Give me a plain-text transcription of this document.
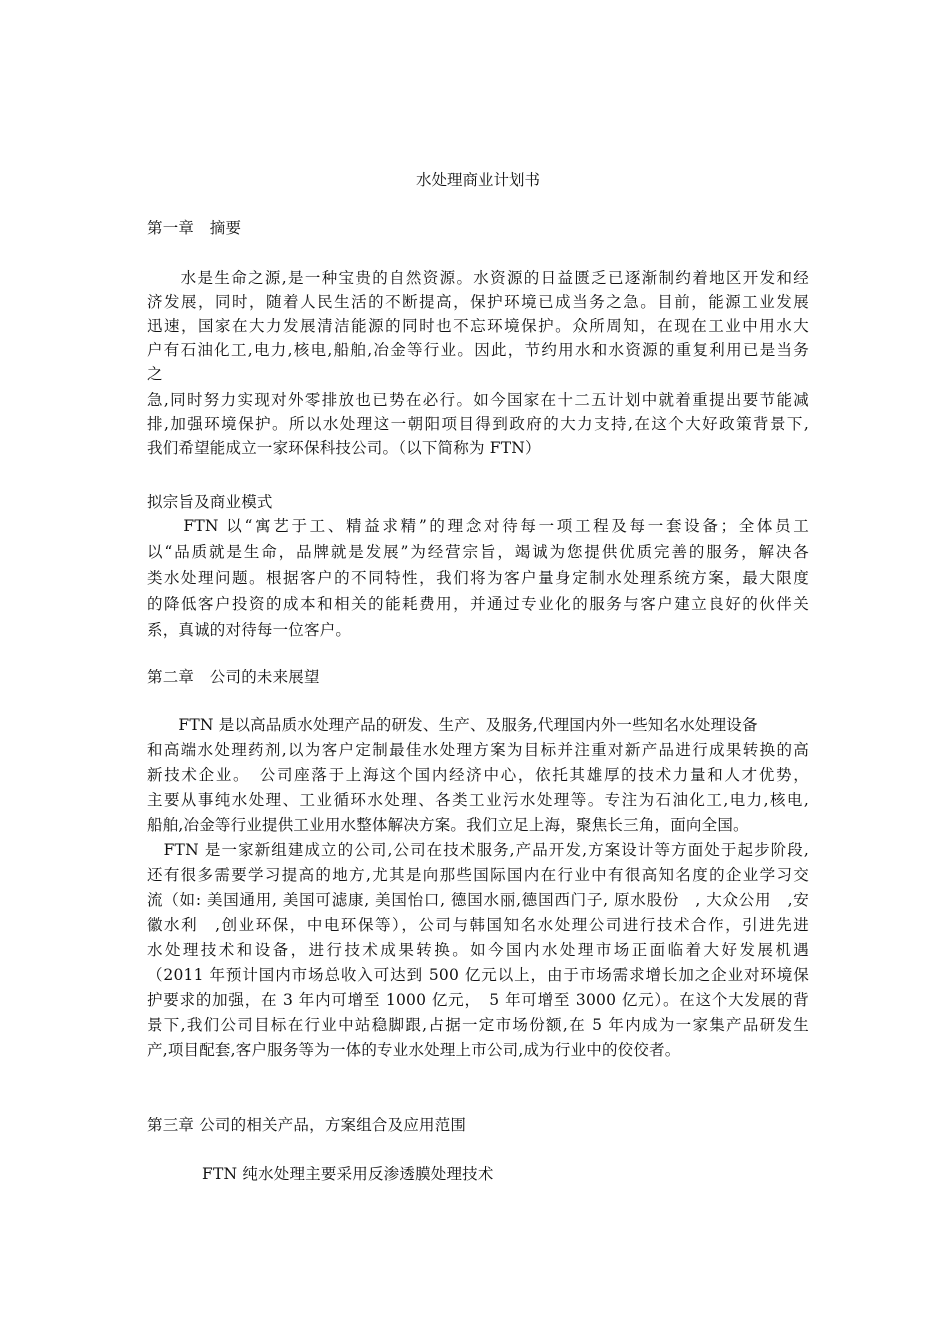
水处理商业计划书
第一章　摘要
　　水是生命之源,是一种宝贵的自然资源。水资源的日益匮乏已逐渐制约着地区开发和经
济发展，同时，随着人民生活的不断提高，保护环境已成当务之急。目前，能源工业发展
迅速，国家在大力发展清洁能源的同时也不忘环境保护。众所周知，在现在工业中用水大
户有石油化工,电力,核电,船舶,冶金等行业。因此，节约用水和水资源的重复利用已是当务
之
急,同时努力实现对外零排放也已势在必行。如今国家在十二五计划中就着重提出要节能减
排,加强环境保护。所以水处理这一朝阳项目得到政府的大力支持,在这个大好政策背景下,
我们希望能成立一家环保科技公司。（以下简称为 FTN）
拟宗旨及商业模式
　　FTN 以“寓艺于工、精益求精”的理念对待每一项工程及每一套设备；全体员工
以“品质就是生命，品牌就是发展”为经营宗旨，竭诚为您提供优质完善的服务，解决各
类水处理问题。根据客户的不同特性，我们将为客户量身定制水处理系统方案，最大限度
的降低客户投资的成本和相关的能耗费用，并通过专业化的服务与客户建立良好的伙伴关
系，真诚的对待每一位客户。
第二章　公司的未来展望
　　FTN 是以高品质水处理产品的研发、生产、及服务,代理国内外一些知名水处理设备
和高端水处理药剂,以为客户定制最佳水处理方案为目标并注重对新产品进行成果转换的高
新技术企业。　公司座落于上海这个国内经济中心，依托其雄厚的技术力量和人才优势，
主要从事纯水处理、工业循环水处理、各类工业污水处理等。专注为石油化工,电力,核电,
船舶,冶金等行业提供工业用水整体解决方案。我们立足上海，聚焦长三角，面向全国。
　FTN 是一家新组建成立的公司,公司在技术服务,产品开发,方案设计等方面处于起步阶段,
还有很多需要学习提高的地方,尤其是向那些国际国内在行业中有很高知名度的企业学习交
流（如: 美国通用, 美国可滤康, 美国怡口, 德国水丽,德国西门子, 原水股份　, 大众公用　,安
徽水利　,创业环保，中电环保等），公司与韩国知名水处理公司进行技术合作，引进先进
水处理技术和设备，进行技术成果转换。如今国内水处理市场正面临着大好发展机遇
（2011 年预计国内市场总收入可达到 500 亿元以上，由于市场需求增长加之企业对环境保
护要求的加强，在 3 年内可增至 1000 亿元，　5 年可增至 3000 亿元）。在这个大发展的背
景下,我们公司目标在行业中站稳脚跟,占据一定市场份额,在 5 年内成为一家集产品研发生
产,项目配套,客户服务等为一体的专业水处理上市公司,成为行业中的佼佼者。
第三章 公司的相关产品，方案组合及应用范围
FTN 纯水处理主要采用反渗透膜处理技术
